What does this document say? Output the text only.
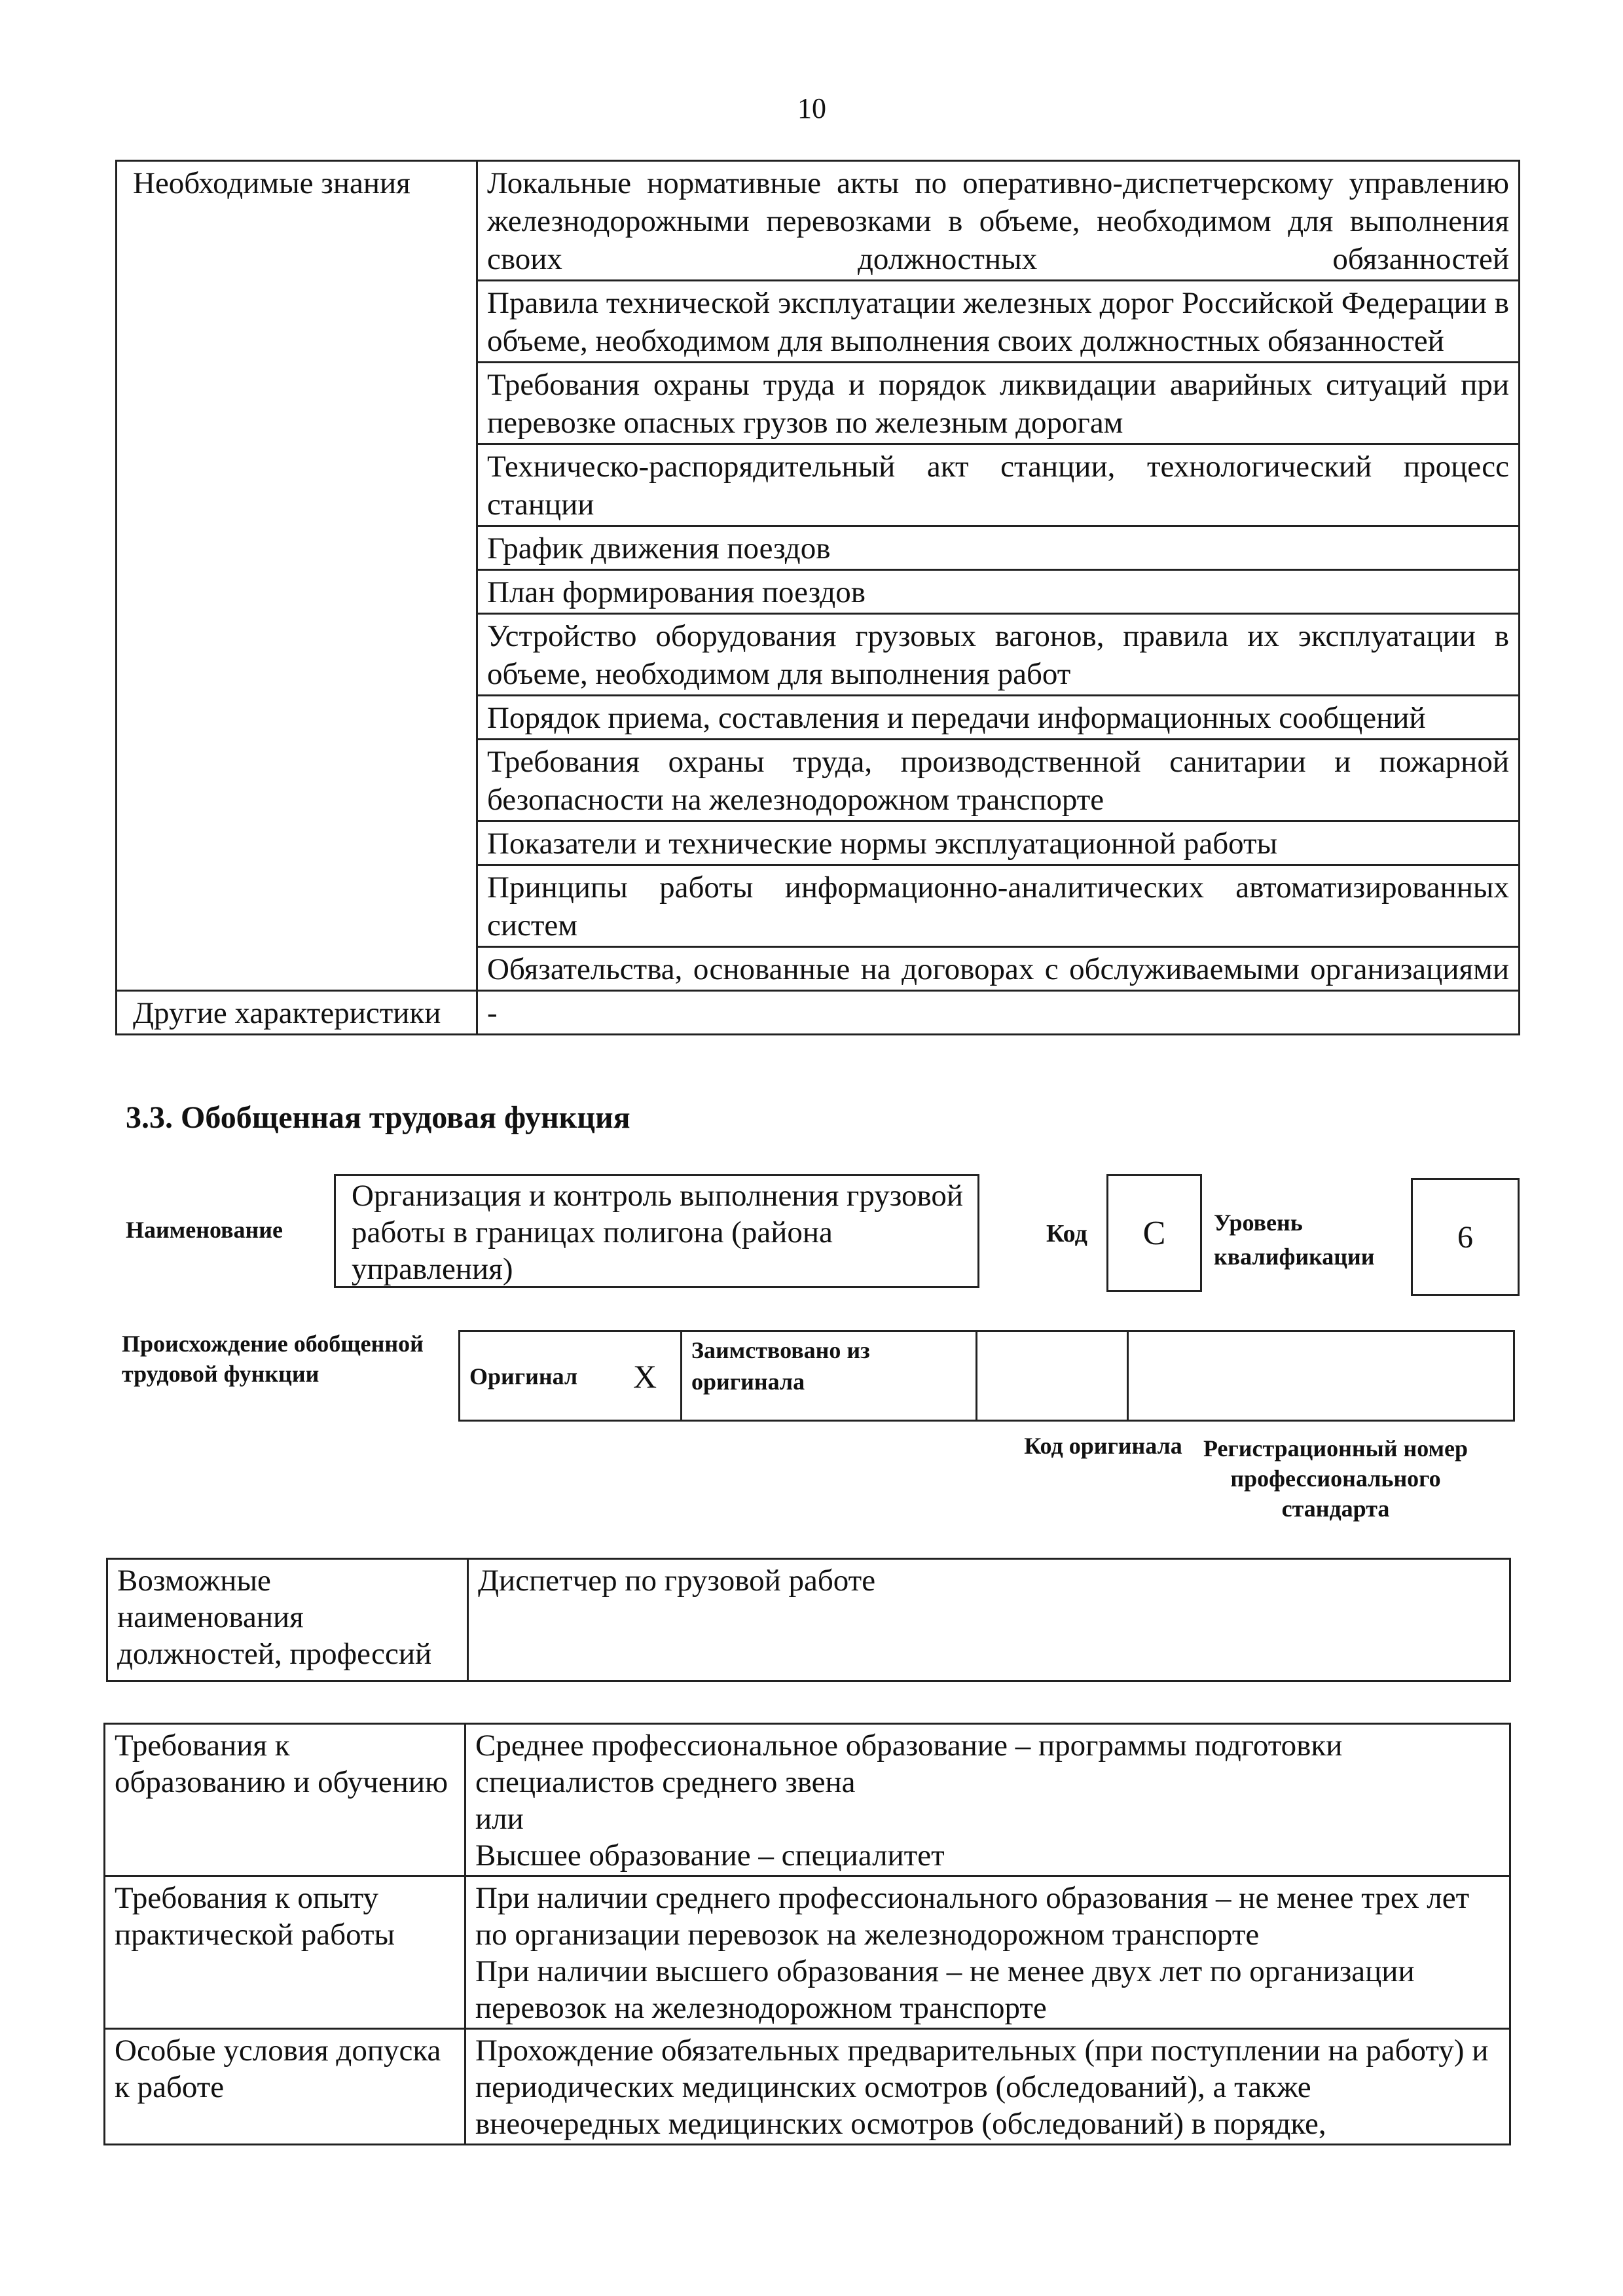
10
Необходимые знания	Локальные нормативные акты по оперативно-диспетчерскому управлению железнодорожными перевозками в объеме, необходимом для выполнения своих должностных обязанностей
	Правила технической эксплуатации железных дорог Российской Федерации в объеме, необходимом для выполнения своих должностных обязанностей
	Требования охраны труда и порядок ликвидации аварийных ситуаций при перевозке опасных грузов по железным дорогам
	Техническо-распорядительный акт станции, технологический процесс станции
	График движения поездов
	План формирования поездов
	Устройство оборудования грузовых вагонов, правила их эксплуатации в объеме, необходимом для выполнения работ
	Порядок приема, составления и передачи информационных сообщений
	Требования охраны труда, производственной санитарии и пожарной безопасности на железнодорожном транспорте
	Показатели и технические нормы эксплуатационной работы
	Принципы работы информационно-аналитических автоматизированных систем
	Обязательства, основанные на договорах с обслуживаемыми организациями
Другие характеристики	-
3.3. Обобщенная трудовая функция
Наименование
Организация и контроль выполнения грузовой работы в границах полигона (района управления)
Код	C	Уровень квалификации
6
Происхождение обобщенной трудовой функции	Оригинал	X	Заимствовано из оригинала		
Код оригинала Регистрационный номер профессионального стандарта
Возможные наименования должностей, профессий	Диспетчер по грузовой работе
Требования к образованию и обучению	Среднее профессиональное образование – программы подготовки специалистов среднего звена
или
Высшее образование – специалитет

Требования к опыту практической работы	При наличии среднего профессионального образования – не менее трех лет по организации перевозок на железнодорожном транспорте
При наличии высшего образования – не менее двух лет по организации перевозок на железнодорожном транспорте

Особые условия допуска к работе	Прохождение обязательных предварительных (при поступлении на работу) и периодических медицинских осмотров (обследований), а также внеочередных медицинских осмотров (обследований) в порядке,
